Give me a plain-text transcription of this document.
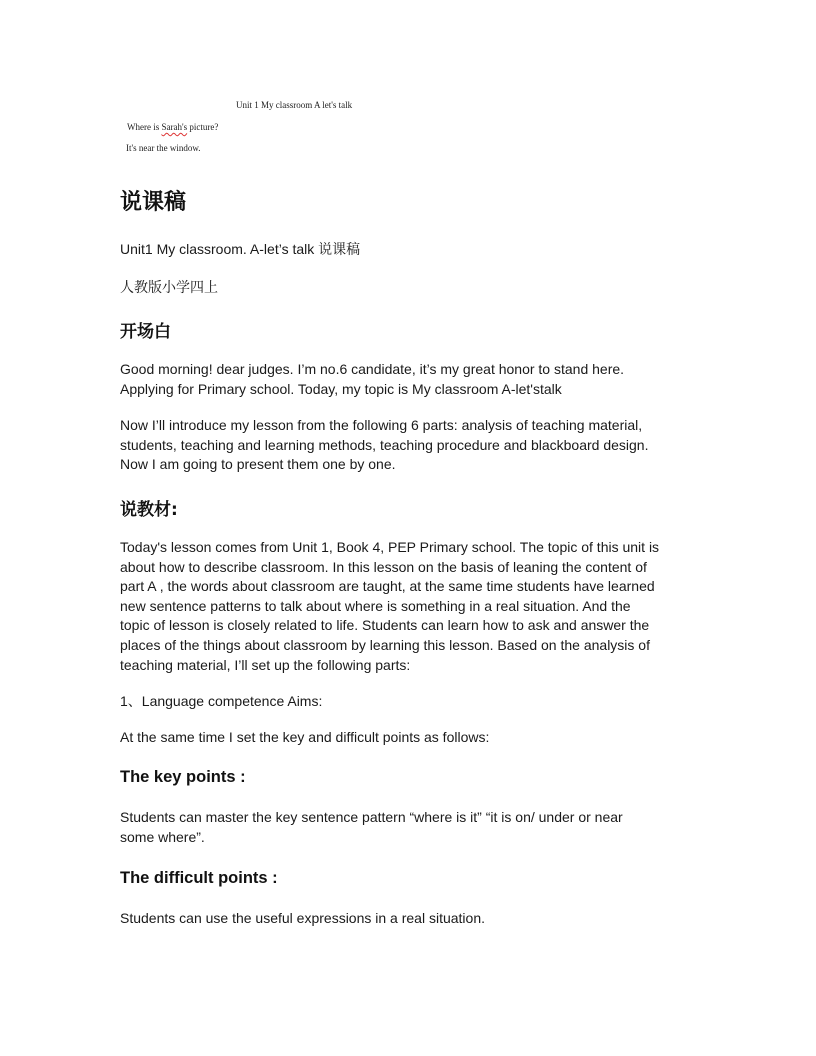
Unit 1 My classroom A let's talk
Where is Sarah's picture?
It's near the window.
说课稿
Unit1 My classroom. A-let’s talk 说课稿
人教版小学四上
开场白
Good morning! dear judges. I’m no.6 candidate, it’s my great honor to stand here.
Applying for Primary school. Today, my topic is My classroom A-let'stalk
Now I’ll introduce my lesson from the following 6 parts: analysis of teaching material,
students, teaching and learning methods, teaching procedure and blackboard design.
Now I am going to present them one by one.
说教材:
Today's lesson comes from Unit 1, Book 4, PEP Primary school. The topic of this unit is
about how to describe classroom. In this lesson on the basis of leaning the content of
part A , the words about classroom are taught, at the same time students have learned
new sentence patterns to talk about where is something in a real situation. And the
topic of lesson is closely related to life. Students can learn how to ask and answer the
places of the things about classroom by learning this lesson. Based on the analysis of
teaching material, I’ll set up the following parts:
1、Language competence Aims:
At the same time I set the key and difficult points as follows:
The key points :
Students can master the key sentence pattern “where is it” “it is on/ under or near
some where”.
The difficult points :
Students can use the useful expressions in a real situation.
